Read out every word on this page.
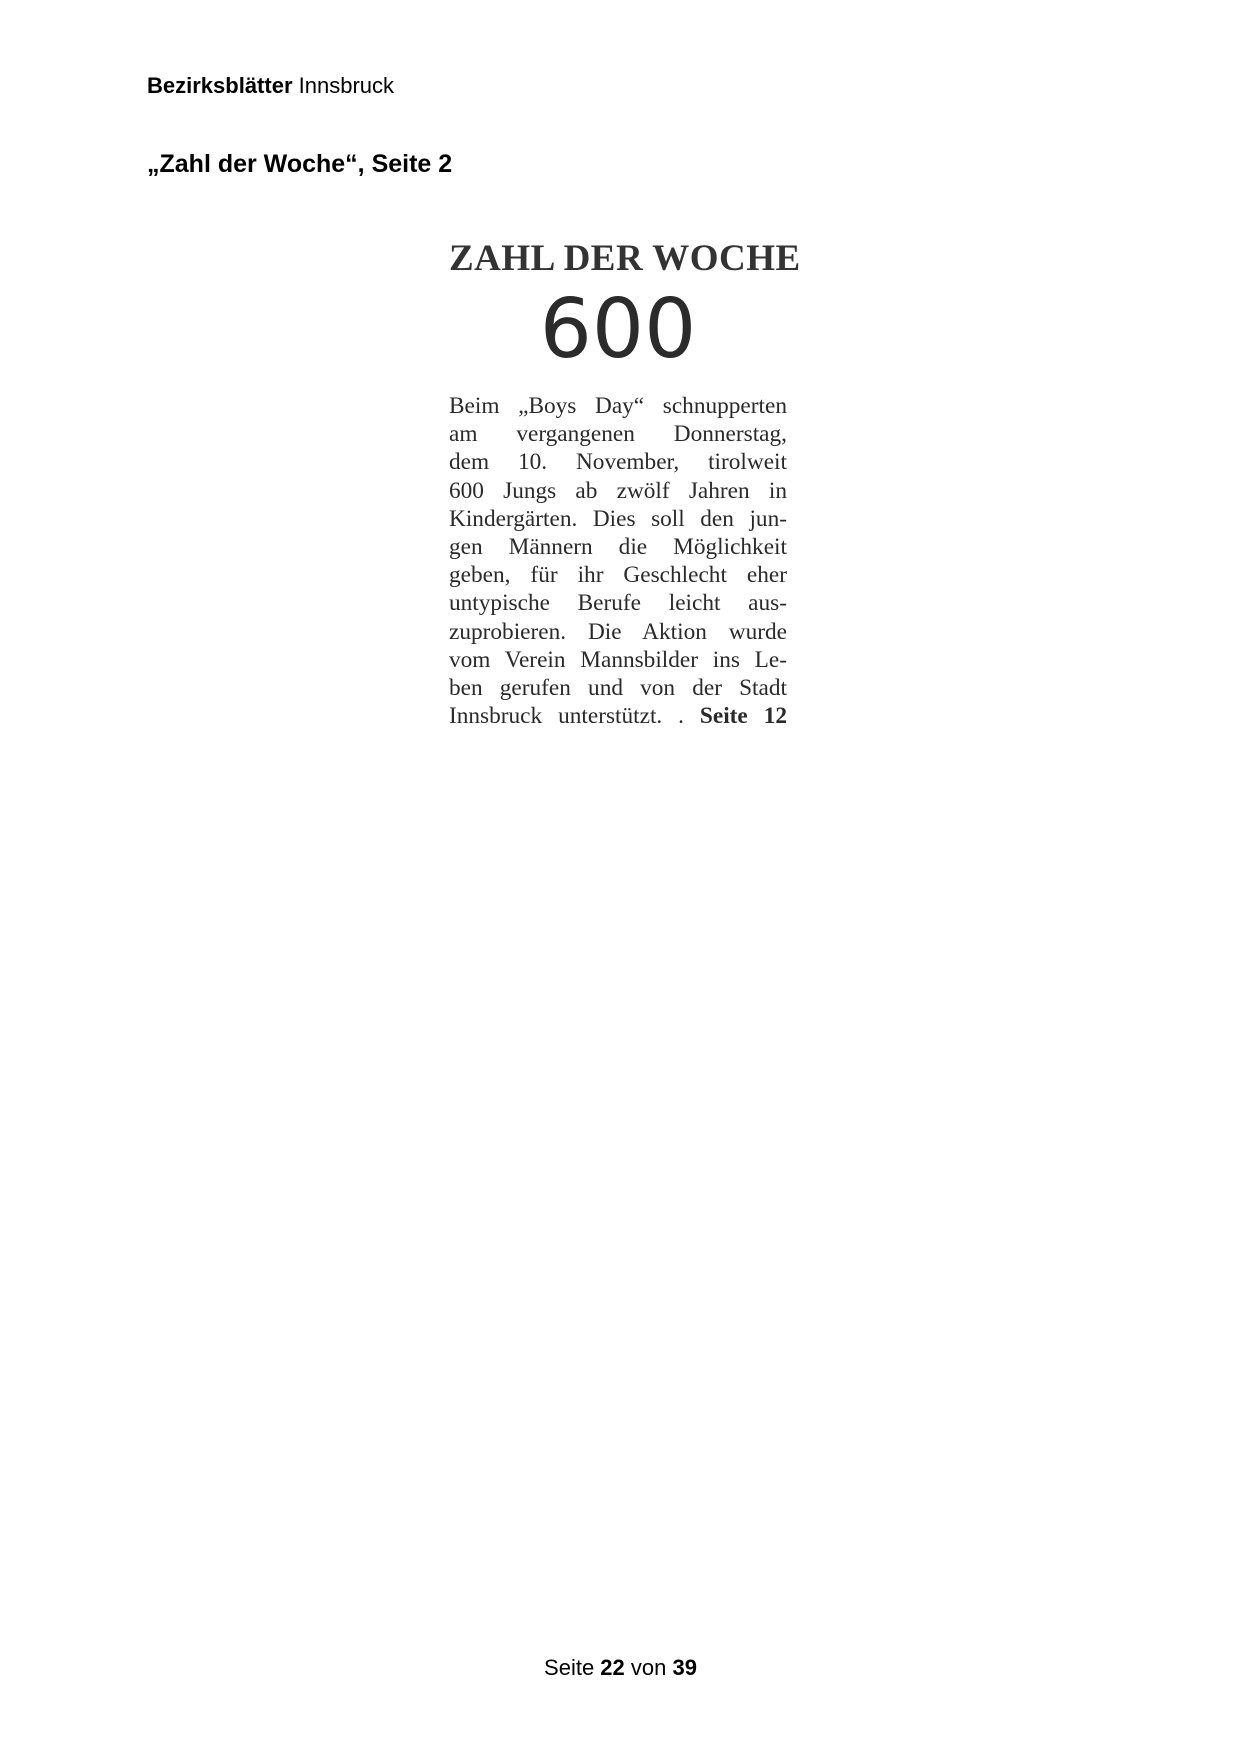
Bezirksblätter Innsbruck
„Zahl der Woche“, Seite 2
ZAHL DER WOCHE
600
Beim „Boys Day“ schnupperten
am vergangenen Donnerstag,
dem 10. November, tirolweit
600 Jungs ab zwölf Jahren in
Kindergärten. Dies soll den jun-
gen Männern die Möglichkeit
geben, für ihr Geschlecht eher
untypische Berufe leicht aus-
zuprobieren. Die Aktion wurde
vom Verein Mannsbilder ins Le-
ben gerufen und von der Stadt
Innsbruck unterstützt. . Seite 12
Seite 22 von 39
